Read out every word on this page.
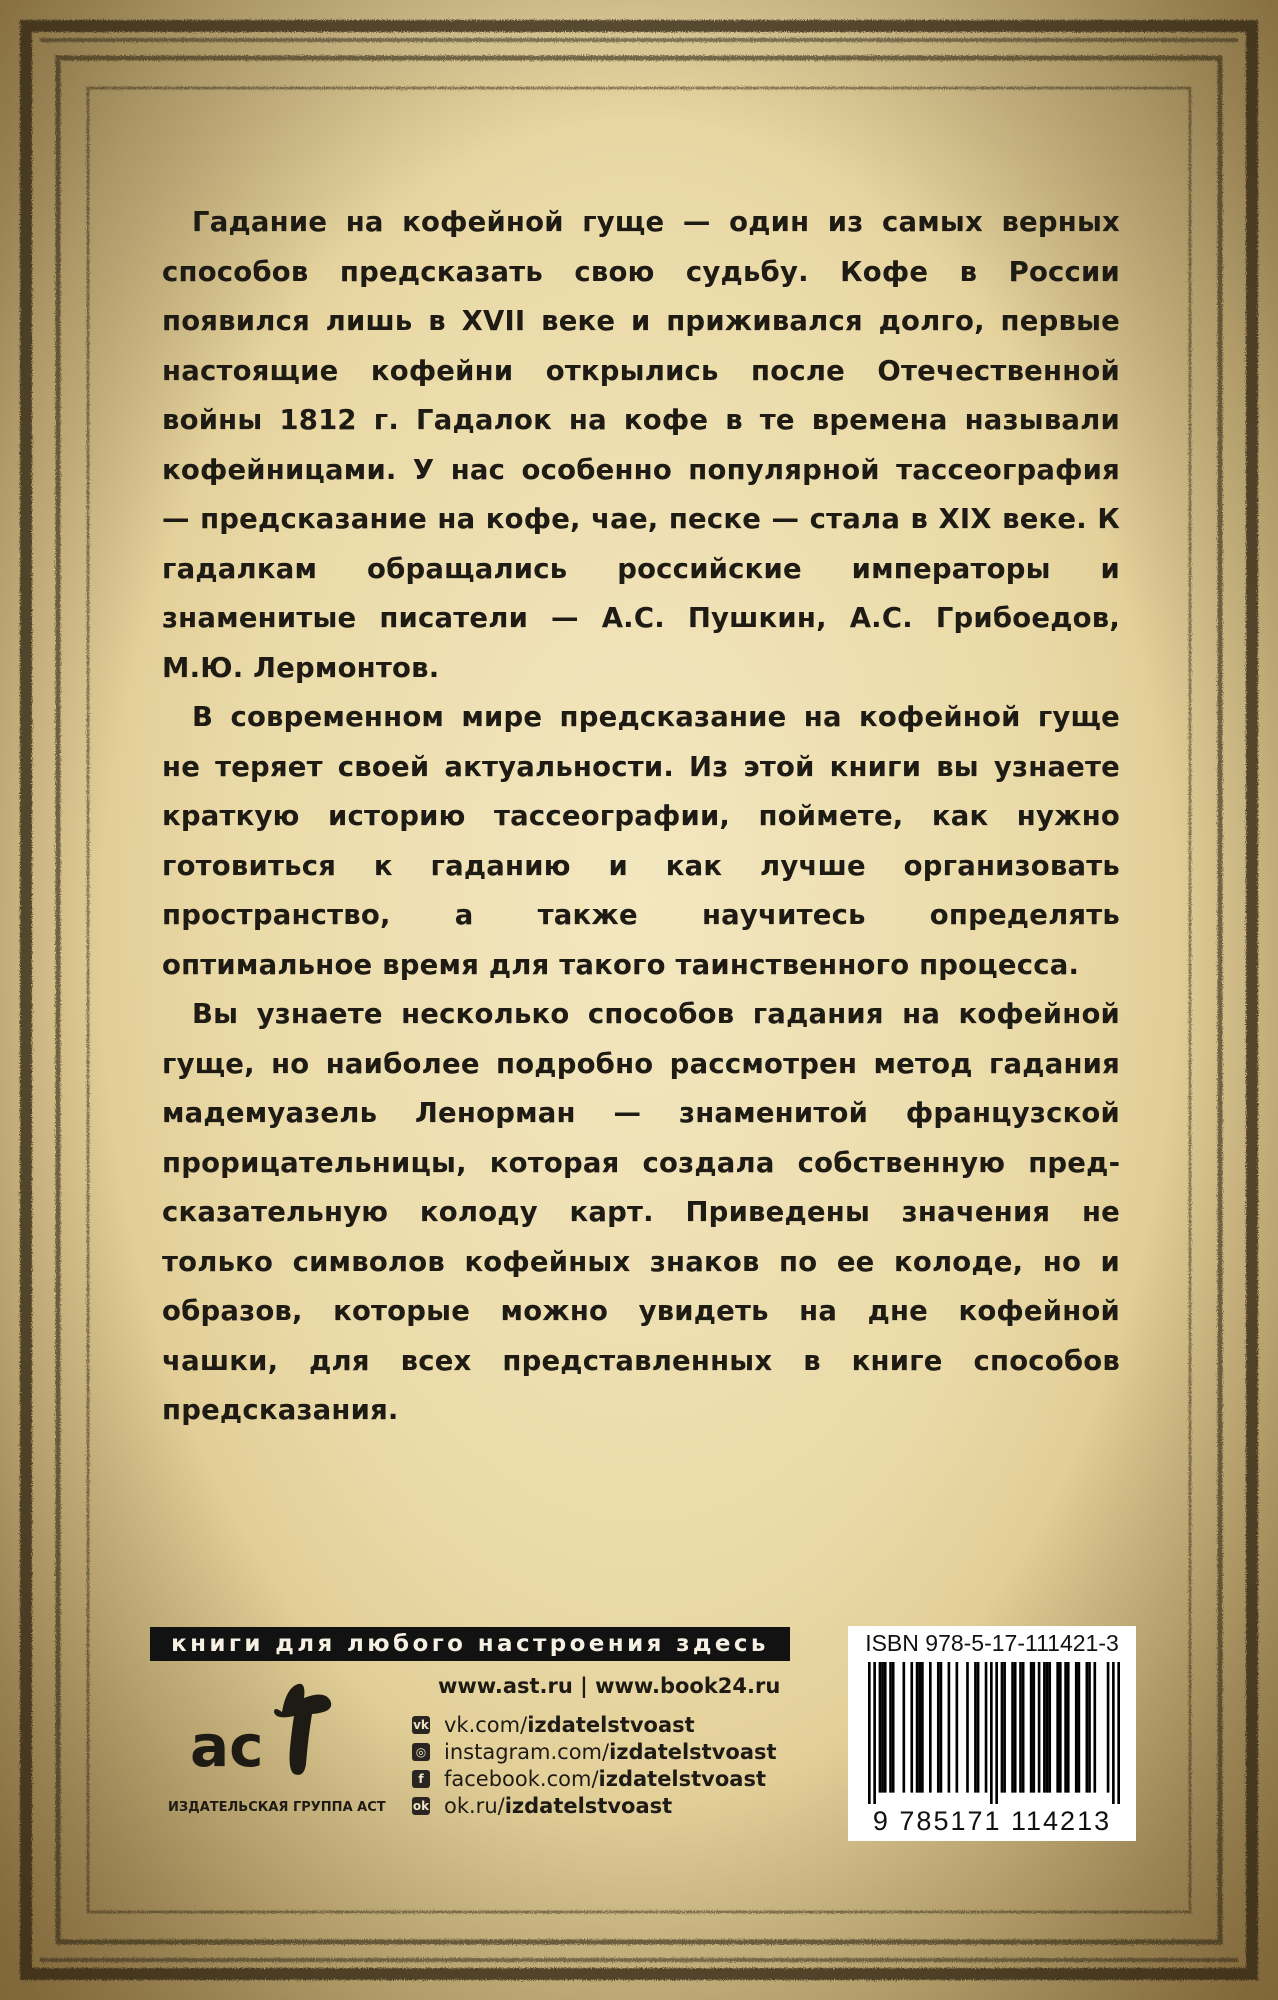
Гадание на кофейной гуще — один из самых верных способов предсказать свою судьбу. Кофе в России появился лишь в XVII веке и приживался долго, первые настоящие кофейни открылись после Отечественной войны 1812 г. Гадалок на кофе в те времена называли кофейницами. У нас особенно популярной тассеография — предсказание на кофе, чае, песке — стала в XIX веке. К гадалкам обращались российские императоры и знаменитые писатели — А.С. Пушкин, А.С. Грибоедов, М.Ю. Лермонтов.

В современном мире предсказание на кофейной гуще не теряет своей актуальности. Из этой книги вы узнаете краткую историю тассеографии, поймете, как нужно готовиться к гаданию и как лучше организовать пространство, а также научитесь определять оптимальное время для такого таинственного процесса.

Вы узнаете несколько способов гадания на кофейной гуще, но наиболее подробно рассмотрен метод гадания мадемуазель Ленорман — знаменитой французской прорицательницы, которая создала собственную предсказательную колоду карт. Приведены значения не только символов кофейных знаков по ее колоде, но и образов, которые можно увидеть на дне кофейной чашки, для всех представленных в книге способов предсказания.

книги для любого настроения здесь
ас
ИЗДАТЕЛЬСКАЯ ГРУППА АСТ
www.ast.ru | www.book24.ru
vk vk.com/izdatelstvoast
◎ instagram.com/izdatelstvoast
f facebook.com/izdatelstvoast
ok ok.ru/izdatelstvoast
ISBN 978-5-17-111421-3
9 785171 114213
